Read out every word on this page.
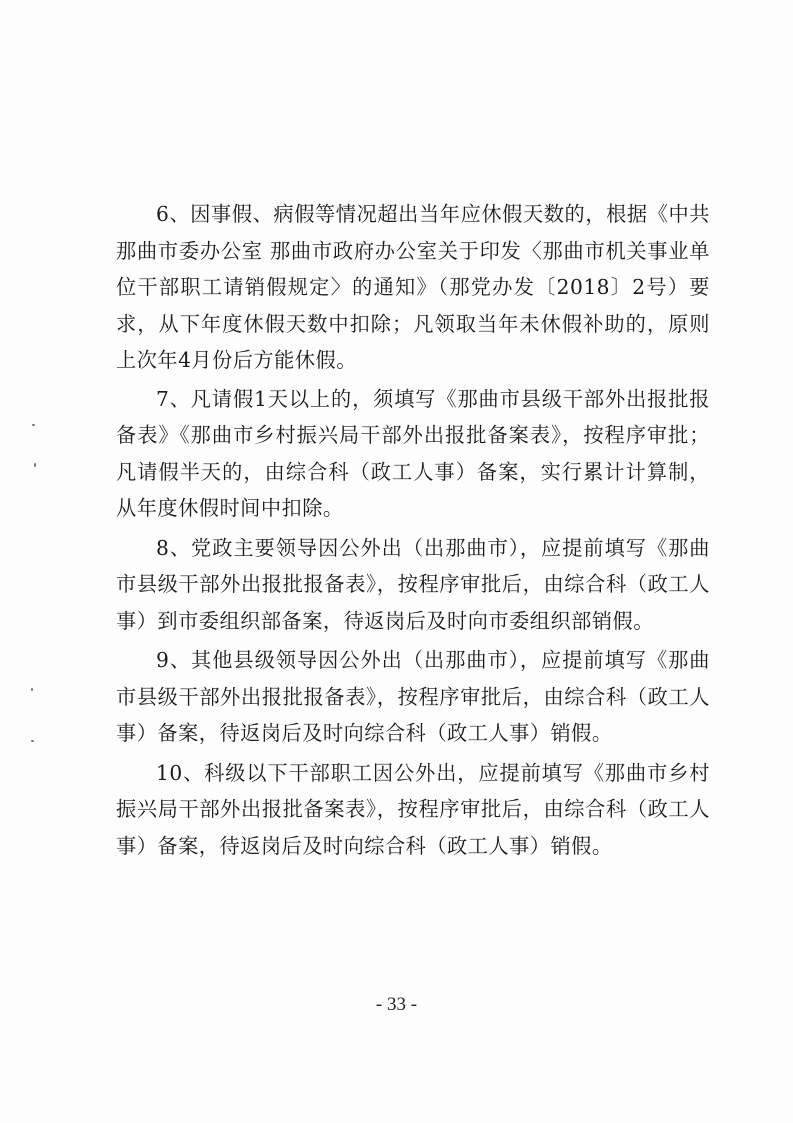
6、因事假、病假等情况超出当年应休假天数的，根据《中共那曲市委办公室 那曲市政府办公室关于印发〈那曲市机关事业单位干部职工请销假规定〉的通知》（那党办发〔2018〕2号）要求，从下年度休假天数中扣除；凡领取当年未休假补助的，原则上次年4月份后方能休假。

7、凡请假1天以上的，须填写《那曲市县级干部外出报批报备表》《那曲市乡村振兴局干部外出报批备案表》，按程序审批；凡请假半天的，由综合科（政工人事）备案，实行累计计算制，从年度休假时间中扣除。

8、党政主要领导因公外出（出那曲市），应提前填写《那曲市县级干部外出报批报备表》，按程序审批后，由综合科（政工人事）到市委组织部备案，待返岗后及时向市委组织部销假。

9、其他县级领导因公外出（出那曲市），应提前填写《那曲市县级干部外出报批报备表》，按程序审批后，由综合科（政工人事）备案，待返岗后及时向综合科（政工人事）销假。

10、科级以下干部职工因公外出，应提前填写《那曲市乡村振兴局干部外出报批备案表》，按程序审批后，由综合科（政工人事）备案，待返岗后及时向综合科（政工人事）销假。

- 33 -
